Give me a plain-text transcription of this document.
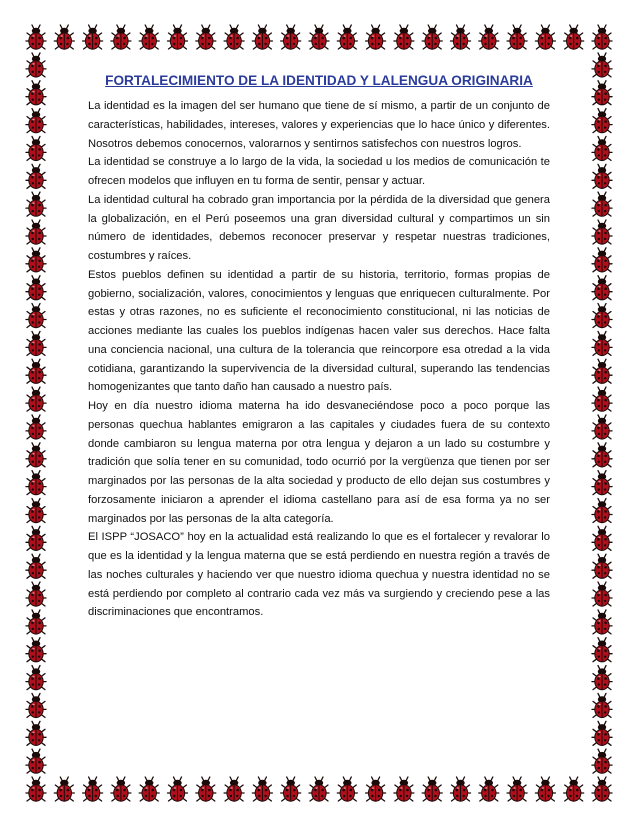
FORTALECIMIENTO DE LA IDENTIDAD Y LALENGUA ORIGINARIA

La identidad es la imagen del ser humano que tiene de sí mismo, a partir de un conjunto de características, habilidades, intereses, valores y experiencias que lo hace único y diferentes. Nosotros debemos conocernos, valorarnos y sentirnos satisfechos con nuestros logros.

La identidad se construye a lo largo de la vida, la sociedad u los medios de comunicación te ofrecen modelos que influyen en tu forma de sentir, pensar y actuar.

La identidad cultural ha cobrado gran importancia por la pérdida de la diversidad que genera la globalización, en el Perú poseemos una gran diversidad cultural y compartimos un sin número de identidades, debemos reconocer preservar y respetar nuestras tradiciones, costumbres y raíces.

Estos pueblos definen su identidad a partir de su historia, territorio, formas propias de gobierno, socialización, valores, conocimientos y lenguas que enriquecen culturalmente. Por estas y otras razones, no es suficiente el reconocimiento constitucional, ni las noticias de acciones mediante las cuales los pueblos indígenas hacen valer sus derechos. Hace falta una conciencia nacional, una cultura de la tolerancia que reincorpore esa otredad a la vida cotidiana, garantizando la supervivencia de la diversidad cultural, superando las tendencias homogenizantes que tanto daño han causado a nuestro país.

Hoy en día nuestro idioma materna ha ido desvaneciéndose poco a poco porque las personas quechua hablantes emigraron a las capitales y ciudades fuera de su contexto donde cambiaron su lengua materna por otra lengua y dejaron a un lado su costumbre y tradición que solía tener en su comunidad, todo ocurrió por la vergüenza que tienen por ser marginados por las personas de la alta sociedad y producto de ello dejan sus costumbres y forzosamente iniciaron a aprender el idioma castellano para así de esa forma ya no ser marginados por las personas de la alta categoría.

El ISPP “JOSACO” hoy en la actualidad está realizando lo que es el fortalecer y revalorar lo que es la identidad y la lengua materna que se está perdiendo en nuestra región a través de las noches culturales y haciendo ver que nuestro idioma quechua y nuestra identidad no se está perdiendo por completo al contrario cada vez más va surgiendo y creciendo pese a las discriminaciones que encontramos.
